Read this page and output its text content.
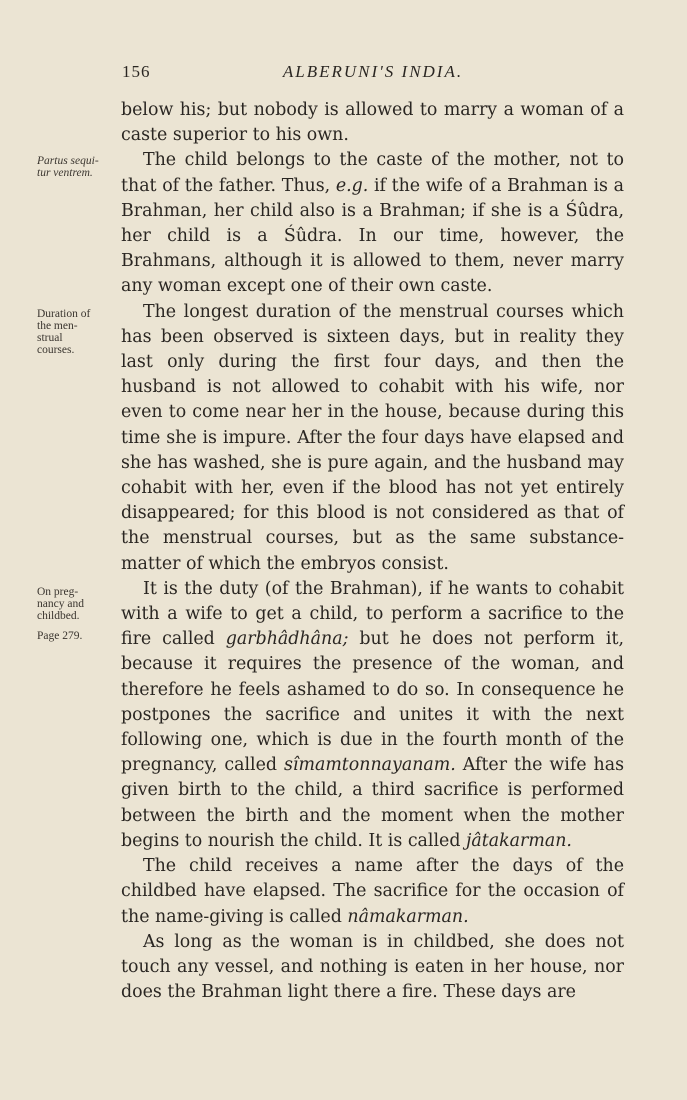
156	ALBERUNI'S INDIA.
Partus sequi-
tur ventrem.
Duration of
the men-
strual
courses.
On preg-
nancy and
childbed.
Page 279.

below his; but nobody is allowed to marry a woman of a caste superior to his own.

The child belongs to the caste of the mother, not to that of the father. Thus, e.g. if the wife of a Brahman is a Brahman, her child also is a Brahman; if she is a Śûdra, her child is a Śûdra. In our time, however, the Brahmans, although it is allowed to them, never marry any woman except one of their own caste.

The longest duration of the menstrual courses which has been observed is sixteen days, but in reality they last only during the first four days, and then the husband is not allowed to cohabit with his wife, nor even to come near her in the house, because during this time she is impure. After the four days have elapsed and she has washed, she is pure again, and the husband may cohabit with her, even if the blood has not yet entirely disappeared; for this blood is not considered as that of the menstrual courses, but as the same substance-matter of which the embryos consist.

It is the duty (of the Brahman), if he wants to cohabit with a wife to get a child, to perform a sacrifice to the fire called garbhâdhâna; but he does not perform it, because it requires the presence of the woman, and therefore he feels ashamed to do so. In consequence he postpones the sacrifice and unites it with the next following one, which is due in the fourth month of the pregnancy, called sîmamtonnayanam. After the wife has given birth to the child, a third sacrifice is performed between the birth and the moment when the mother begins to nourish the child. It is called jâtakarman.

The child receives a name after the days of the childbed have elapsed. The sacrifice for the occasion of the name-giving is called nâmakarman.

As long as the woman is in childbed, she does not touch any vessel, and nothing is eaten in her house, nor does the Brahman light there a fire. These days are
